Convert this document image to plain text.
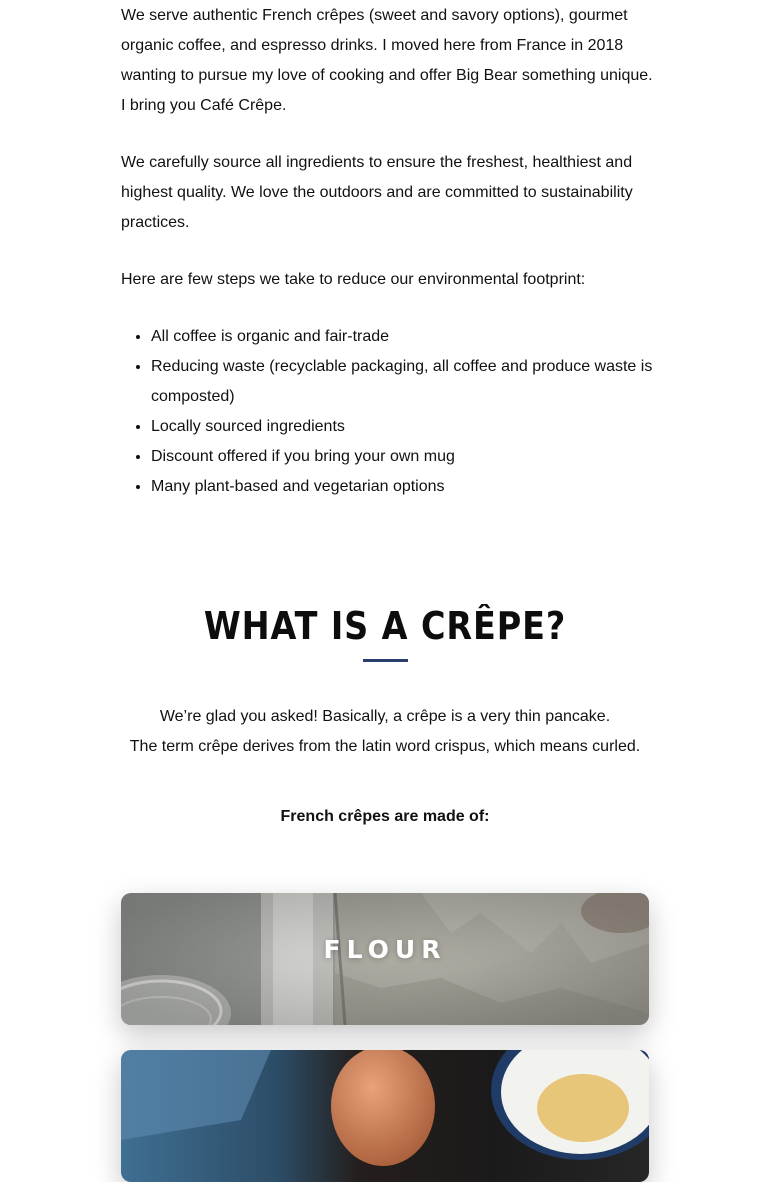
We serve authentic French crêpes (sweet and savory options), gourmet organic coffee, and espresso drinks. I moved here from France in 2018 wanting to pursue my love of cooking and offer Big Bear something unique. I bring you Café Crêpe.

We carefully source all ingredients to ensure the freshest, healthiest and highest quality. We love the outdoors and are committed to sustainability practices.

Here are few steps we take to reduce our environmental footprint:

• All coffee is organic and fair-trade
• Reducing waste (recyclable packaging, all coffee and produce waste is composted)
• Locally sourced ingredients
• Discount offered if you bring your own mug
• Many plant-based and vegetarian options
WHAT IS A CRÊPE?
We’re glad you asked! Basically, a crêpe is a very thin pancake.
The term crêpe derives from the latin word crispus, which means curled.
French crêpes are made of:
FLOUR
